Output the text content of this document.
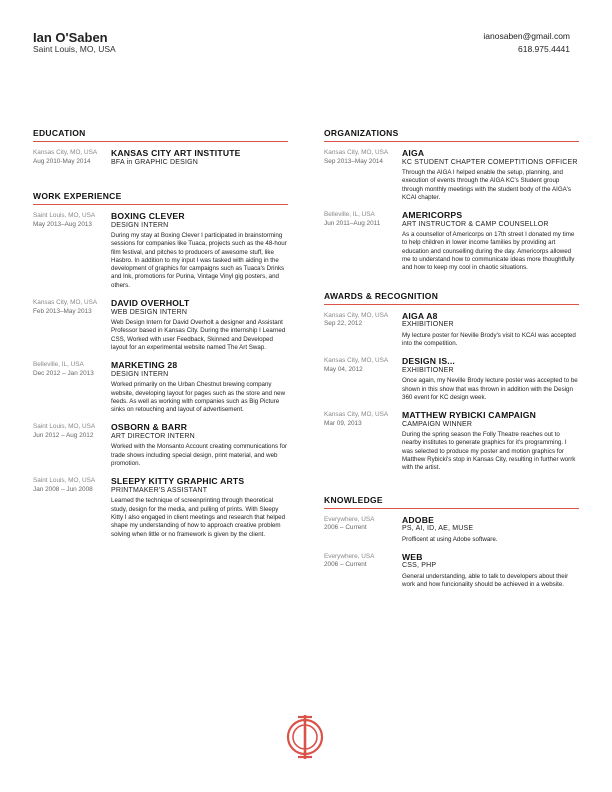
Ian O'Saben
Saint Louis, MO, USA
ianosaben@gmail.com
618.975.4441
EDUCATION
Kansas City, MO, USA
Aug 2010-May 2014
KANSAS CITY ART INSTITUTE
BFA in GRAPHIC DESIGN
WORK EXPERIENCE
Saint Louis, MO, USA
May 2013–Aug 2013
BOXING CLEVER
DESIGN INTERN

During my stay at Boxing Clever I participated in brainstorming sessions for companies like Tuaca, projects such as the 48-hour film festival, and pitches to producers of awesome stuff, like Hasbro. In addition to my input I was tasked with aiding in the development of graphics for campaigns such as Tuaca's Drinks and Ink, promotions for Purina, Vintage Vinyl gig posters, and others.

Kansas City, MO, USA
Feb 2013–May 2013
DAVID OVERHOLT
WEB DESIGN INTERN

Web Design Intern for David Overholt a designer and Assistant Professor based in Kansas City. During the internship I Learned CSS, Worked with user Feedback, Skinned and Developed layout for an experimental website named The Art Swap.

Belleville, IL, USA
Dec 2012 – Jan 2013
MARKETING 28
DESIGN INTERN

Worked primarily on the Urban Chestnut brewing company website, developing layout for pages such as the store and new feeds. As well as working with companies such as Big Picture sinks on retouching and layout of advertisement.

Saint Louis, MO, USA
Jun 2012 – Aug 2012
OSBORN & BARR
ART DIRECTOR INTERN

Worked with the Monsanto Account creating communications for trade shows including special design, print material, and web promotion.

Saint Louis, MO, USA
Jan 2008 – Jun 2008
SLEEPY KITTY GRAPHIC ARTS
PRINTMAKER'S ASSISTANT

Learned the technique of screenprinting through theoretical study, design for the media, and pulling of prints. With Sleepy Kitty I also engaged in client meetings and research that helped shape my understanding of how to approach creative problem solving when little or no framework is given by the client.

ORGANIZATIONS
Kansas City, MO, USA
Sep 2013–May 2014
AIGA
KC STUDENT CHAPTER COMEPTITIONS OFFICER

Through the AIGA I helped enable the setup, planning, and execution of events through the AIGA KC's Student group through monthly meetings with the student body of the AIGA's KCAI chapter.

Belleville, IL, USA
Jun 2011–Aug 2011
AMERICORPS
ART INSTRUCTOR & CAMP COUNSELLOR

As a counsellor of Americorps on 17th street I donated my time to help children in lower income families by providing art education and counselling during the day. Americorps allowed me to understand how to communicate ideas more thoughtfully and how to keep my cool in chaotic situations.

AWARDS & RECOGNITION
Kansas City, MO, USA
Sep 22, 2012
AIGA A8
EXHIBITIONER

My lecture poster for Neville Brody's visit to KCAI was accepted into the competition.

Kansas City, MO, USA
May 04, 2012
DESIGN IS...
EXHIBITIONER

Once again, my Neville Brody lecture poster was accepted to be shown in this show that was thrown in addition with the Design 360 event for KC design week.

Kansas City, MO, USA
Mar 09, 2013
MATTHEW RYBICKI CAMPAIGN
CAMPAIGN WINNER

During the spring season the Folly Theatre reaches out to nearby institutes to generate graphics for it's programming. I was selected to produce my poster and motion graphics for Matthew Rybicki's stop in Kansas City, resulting in further worrk with the artist.

KNOWLEDGE
Everywhere, USA
2006 – Current
ADOBE
PS, AI, ID, AE, MUSE

Profficent at using Adobe software.

Everywhere, USA
2006 – Current
WEB
CSS, PHP

General understanding, able to talk to developers about their work and how funcionality should be achieved in a website.
